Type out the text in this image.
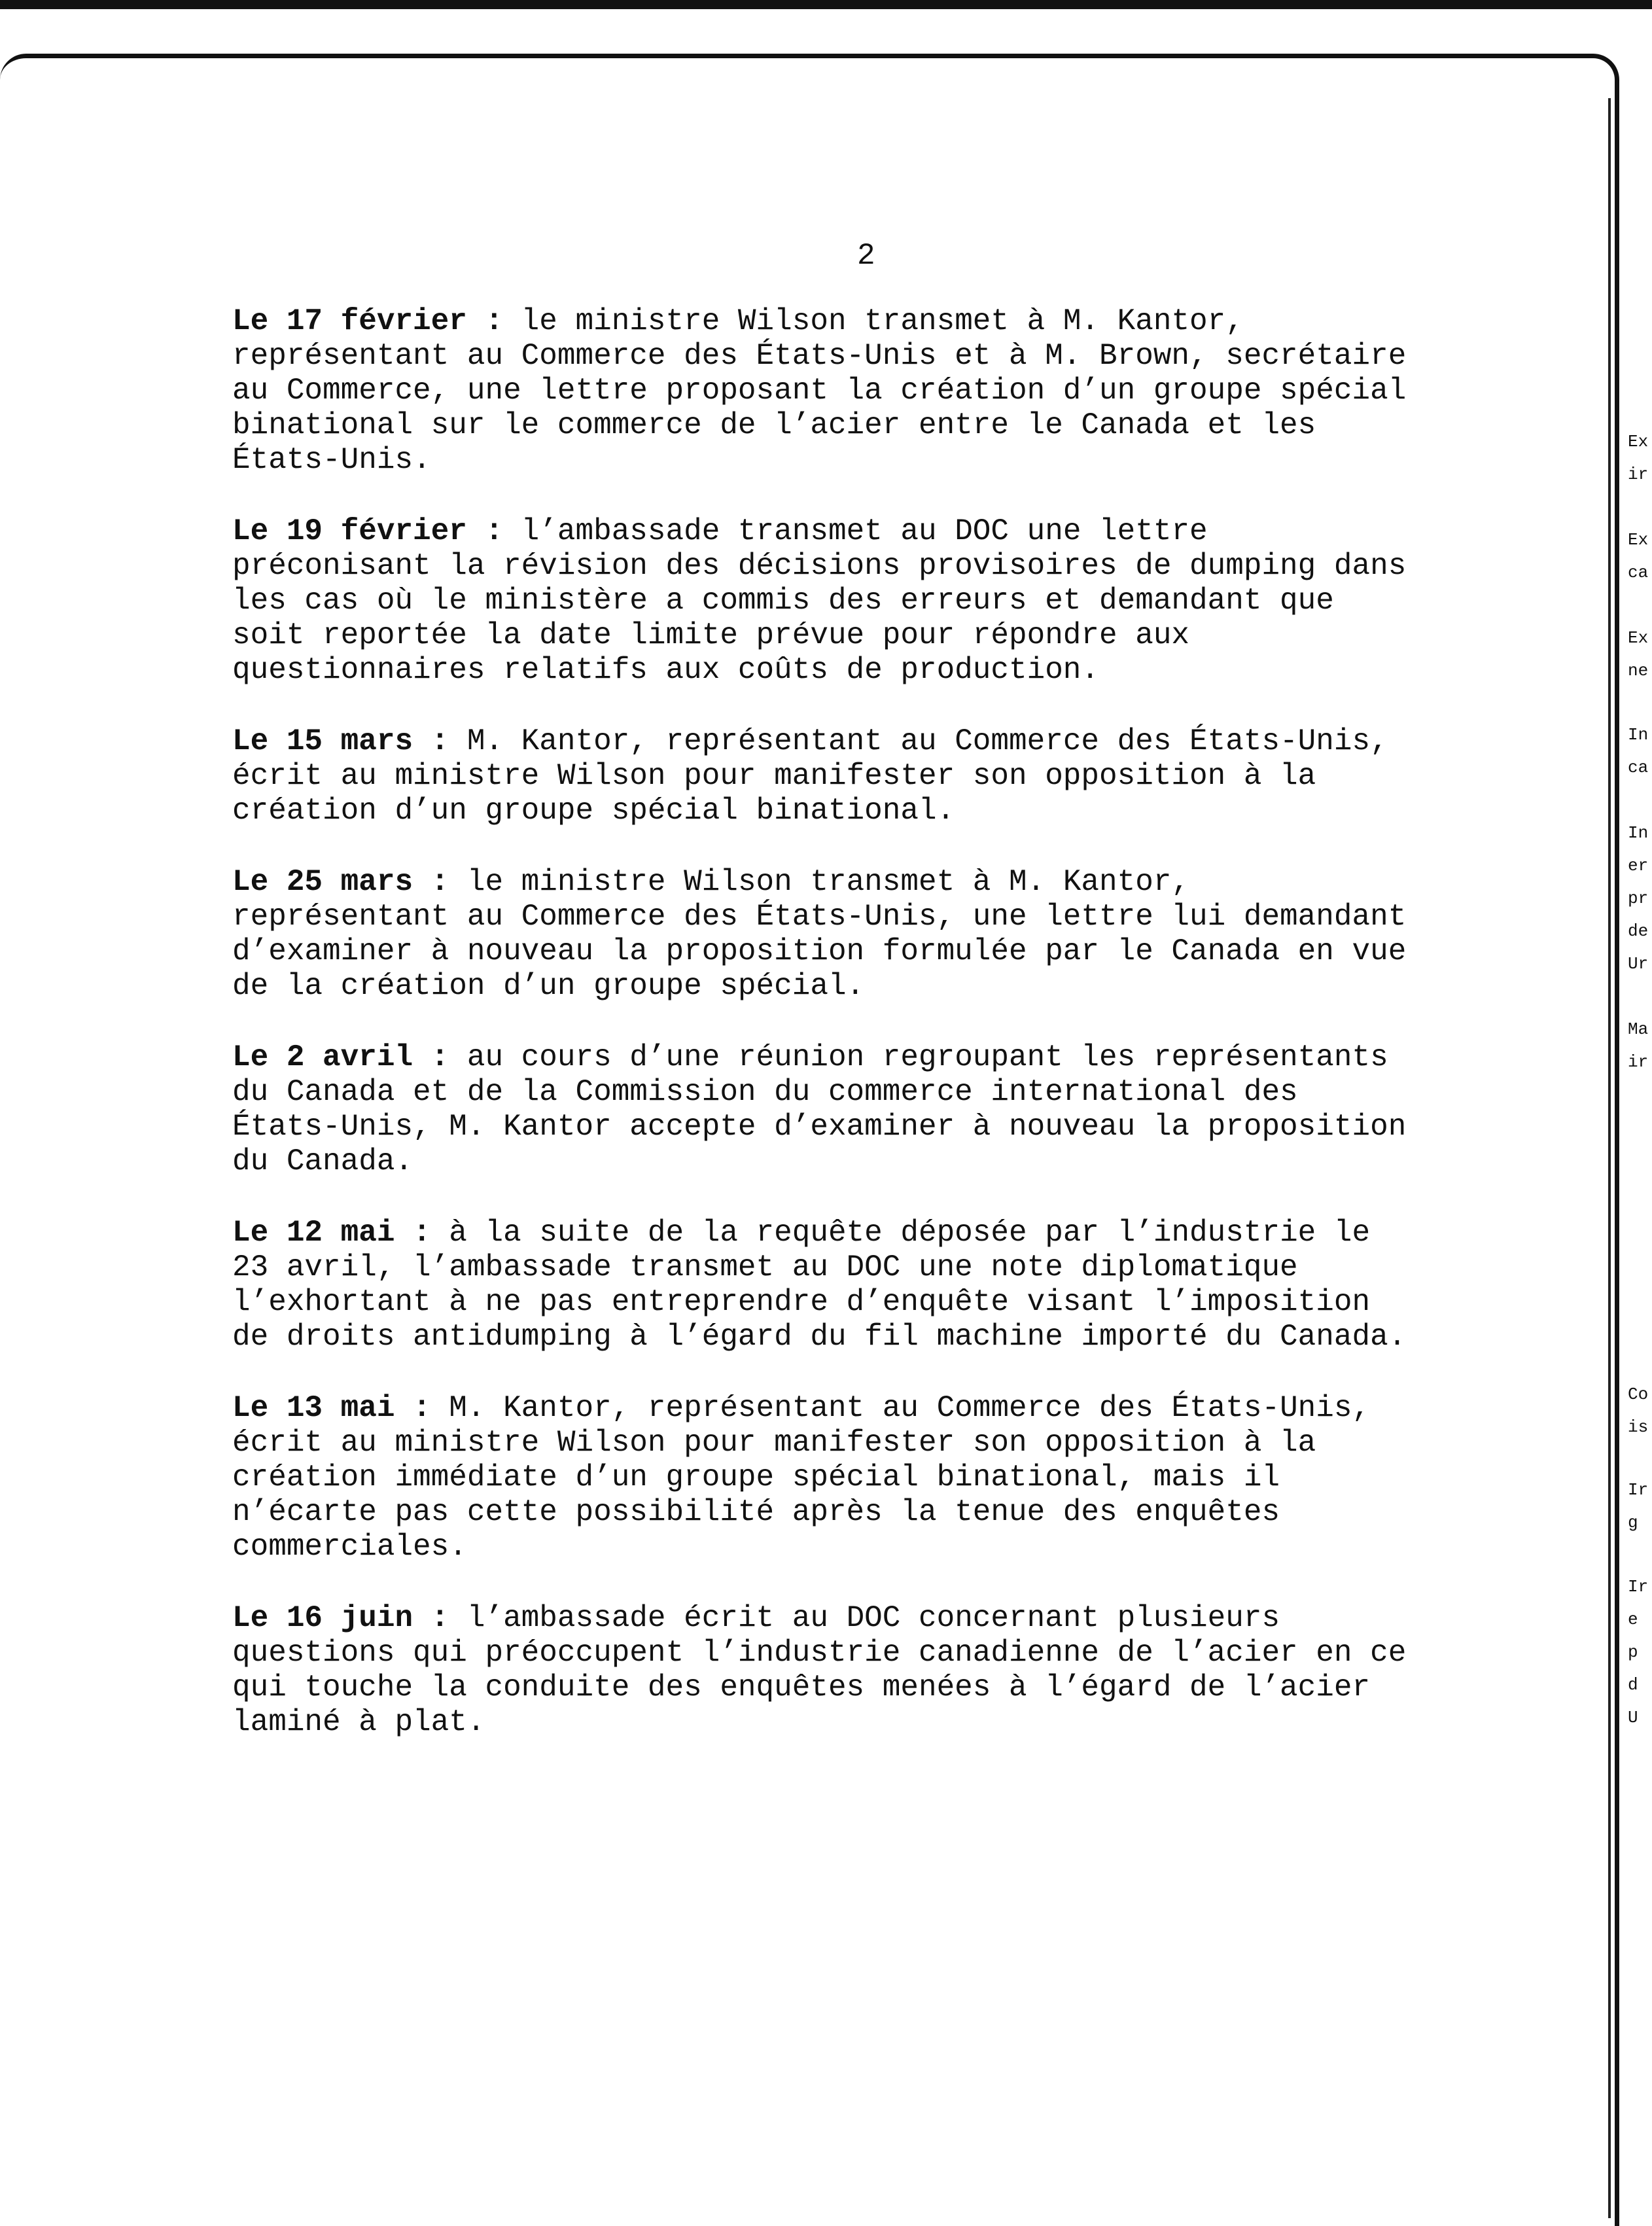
2

Le 17 février : le ministre Wilson transmet à M. Kantor,
représentant au Commerce des États-Unis et à M. Brown, secrétaire
au Commerce, une lettre proposant la création d’un groupe spécial
binational sur le commerce de l’acier entre le Canada et les
États-Unis.

Le 19 février : l’ambassade transmet au DOC une lettre
préconisant la révision des décisions provisoires de dumping dans
les cas où le ministère a commis des erreurs et demandant que
soit reportée la date limite prévue pour répondre aux
questionnaires relatifs aux coûts de production.

Le 15 mars : M. Kantor, représentant au Commerce des États-Unis,
écrit au ministre Wilson pour manifester son opposition à la
création d’un groupe spécial binational.

Le 25 mars : le ministre Wilson transmet à M. Kantor,
représentant au Commerce des États-Unis, une lettre lui demandant
d’examiner à nouveau la proposition formulée par le Canada en vue
de la création d’un groupe spécial.

Le 2 avril : au cours d’une réunion regroupant les représentants
du Canada et de la Commission du commerce international des
États-Unis, M. Kantor accepte d’examiner à nouveau la proposition
du Canada.

Le 12 mai : à la suite de la requête déposée par l’industrie le
23 avril, l’ambassade transmet au DOC une note diplomatique
l’exhortant à ne pas entreprendre d’enquête visant l’imposition
de droits antidumping à l’égard du fil machine importé du Canada.

Le 13 mai : M. Kantor, représentant au Commerce des États-Unis,
écrit au ministre Wilson pour manifester son opposition à la
création immédiate d’un groupe spécial binational, mais il
n’écarte pas cette possibilité après la tenue des enquêtes
commerciales.

Le 16 juin : l’ambassade écrit au DOC concernant plusieurs
questions qui préoccupent l’industrie canadienne de l’acier en ce
qui touche la conduite des enquêtes menées à l’égard de l’acier
laminé à plat.

Ex
ir
Ex
ca
Ex
ne
In
ca
In
er
pr
de
Ur
Ma
ir
Co
is
Ir
g
Ir
e
p
d
U
